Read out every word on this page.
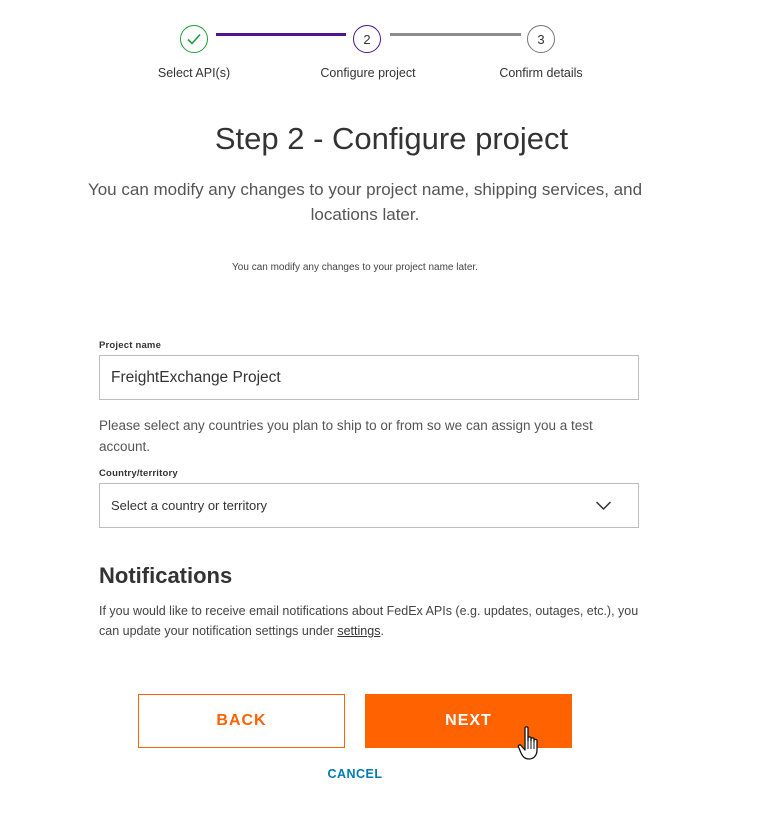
2	3
Select API(s)	Configure project	Confirm details
Step 2 - Configure project

You can modify any changes to your project name, shipping services, and locations later.

You can modify any changes to your project name later.

Project name
FreightExchange Project

Please select any countries you plan to ship to or from so we can assign you a test account.

Country/territory
Select a country or territory
Notifications

If you would like to receive email notifications about FedEx APIs (e.g. updates, outages, etc.), you can update your notification settings under settings.

BACK	NEXT
CANCEL
